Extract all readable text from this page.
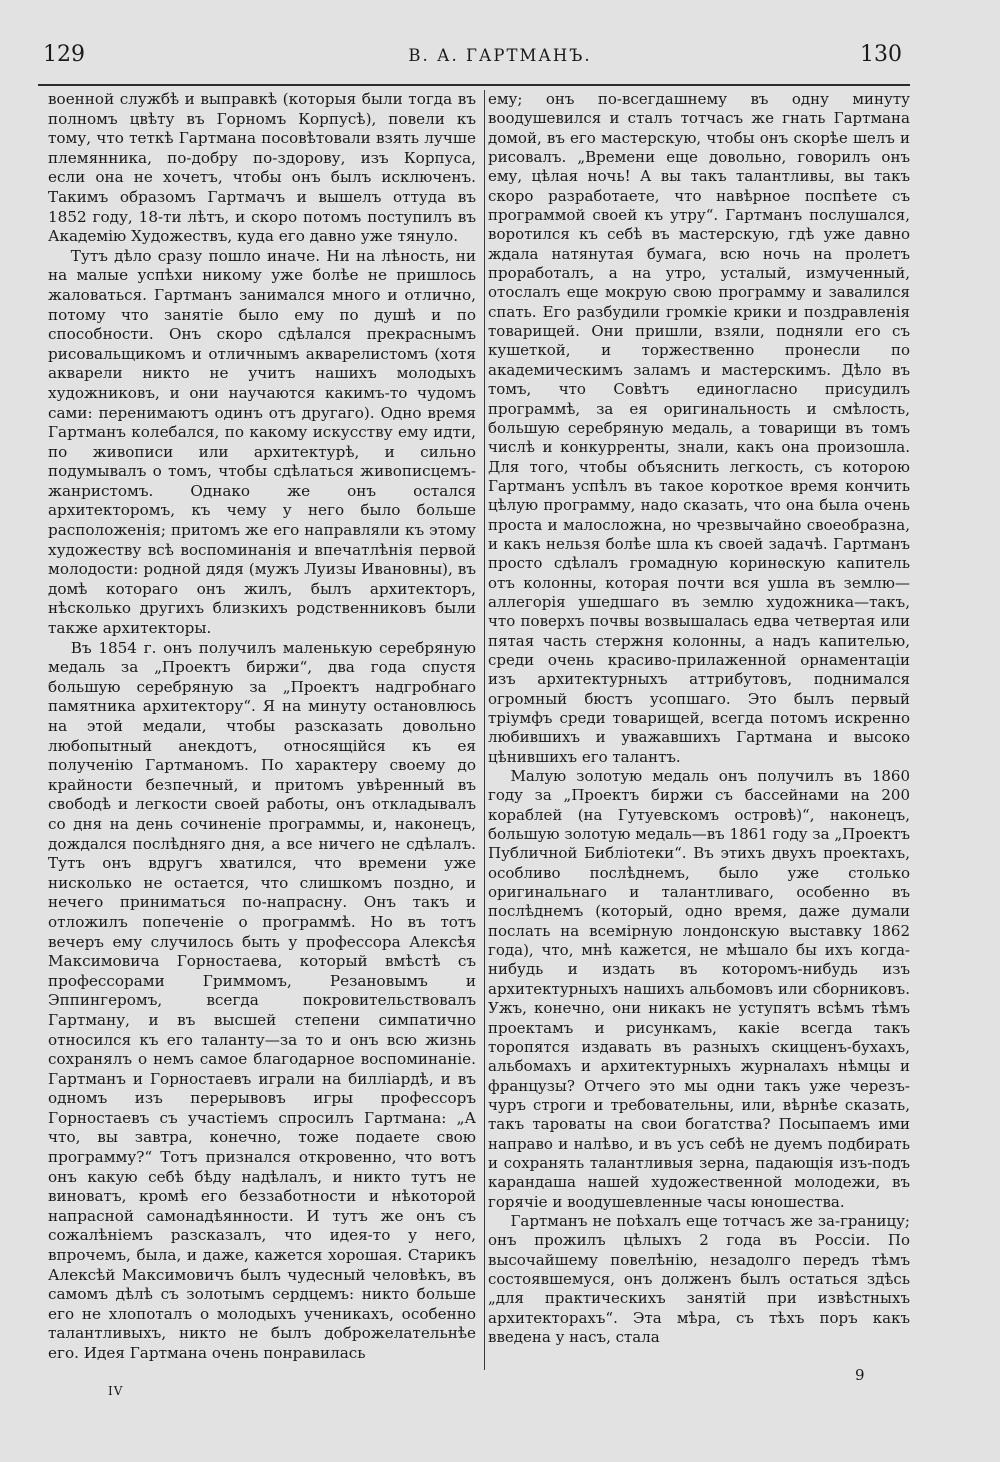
129	В. А. ГАРТМАНЪ.	130

военной службѣ и выправкѣ (которыя были тогда въ полномъ цвѣту въ Горномъ Корпусѣ), повели къ тому, что теткѣ Гартмана посовѣтовали взять лучше племянника, по-добру по-здорову, изъ Корпуса, если она не хочетъ, чтобы онъ былъ исключенъ. Такимъ образомъ Гартмачъ и вышелъ оттуда въ 1852 году, 18-ти лѣтъ, и скоро потомъ поступилъ въ Академію Художествъ, куда его давно уже тянуло.

Тутъ дѣло сразу пошло иначе. Ни на лѣность, ни на малые успѣхи никому уже болѣе не пришлось жаловаться. Гартманъ занимался много и отлично, потому что занятіе было ему по душѣ и по способности. Онъ скоро сдѣлался прекраснымъ рисовальщикомъ и отличнымъ акварелистомъ (хотя акварели никто не учитъ нашихъ молодыхъ художниковъ, и они научаются какимъ-то чудомъ сами: перенимаютъ одинъ отъ другаго). Одно время Гартманъ колебался, по какому искусству ему идти, по живописи или архитектурѣ, и сильно подумывалъ о томъ, чтобы сдѣлаться живописцемъ-жанристомъ. Однако же онъ остался архитекторомъ, къ чему у него было больше расположенія; притомъ же его направляли къ этому художеству всѣ воспоминанія и впечатлѣнія первой молодости: родной дядя (мужъ Луизы Ивановны), въ домѣ котораго онъ жилъ, былъ архитекторъ, нѣсколько другихъ близкихъ родственниковъ были также архитекторы.

Въ 1854 г. онъ получилъ маленькую серебряную медаль за „Проектъ биржи“, два года спустя большую серебряную за „Проектъ надгробнаго памятника архитектору“. Я на минуту остановлюсь на этой медали, чтобы разсказать довольно любопытный анекдотъ, относящійся къ ея полученію Гартманомъ. По характеру своему до крайности безпечный, и притомъ увѣренный въ свободѣ и легкости своей работы, онъ откладывалъ со дня на день сочиненіе программы, и, наконецъ, дождался послѣдняго дня, а все ничего не сдѣлалъ. Тутъ онъ вдругъ хватился, что времени уже нисколько не остается, что слишкомъ поздно, и нечего приниматься по-напрасну. Онъ такъ и отложилъ попеченіе о программѣ. Но въ тотъ вечеръ ему случилось быть у профессора Алексѣя Максимовича Горностаева, который вмѣстѣ съ профессорами Гриммомъ, Резановымъ и Эппингеромъ, всегда покровительствовалъ Гартману, и въ высшей степени симпатично относился къ его таланту—за то и онъ всю жизнь сохранялъ о немъ самое благодарное воспоминаніе. Гартманъ и Горностаевъ играли на билліардѣ, и въ одномъ изъ перерывовъ игры профессоръ Горностаевъ съ участіемъ спросилъ Гартмана: „А что, вы завтра, конечно, тоже подаете свою программу?“ Тотъ признался откровенно, что вотъ онъ какую себѣ бѣду надѣлалъ, и никто тутъ не виноватъ, кромѣ его беззаботности и нѣкоторой напрасной самонадѣянности. И тутъ же онъ съ сожалѣніемъ разсказалъ, что идея-то у него, впрочемъ, была, и даже, кажется хорошая. Старикъ Алексѣй Максимовичъ былъ чудесный человѣкъ, въ самомъ дѣлѣ съ золотымъ сердцемъ: никто больше его не хлопоталъ о молодыхъ ученикахъ, особенно талантливыхъ, никто не былъ доброжелательнѣе его. Идея Гартмана очень понравилась

ему; онъ по-всегдашнему въ одну минуту воодушевился и сталъ тотчасъ же гнать Гартмана домой, въ его мастерскую, чтобы онъ скорѣе шелъ и рисовалъ. „Времени еще довольно, говорилъ онъ ему, цѣлая ночь! А вы такъ талантливы, вы такъ скоро разработаете, что навѣрное поспѣете съ программой своей къ утру“. Гартманъ послушался, воротился къ себѣ въ мастерскую, гдѣ уже давно ждала натянутая бумага, всю ночь на пролетъ проработалъ, а на утро, усталый, измученный, отослалъ еще мокрую свою программу и завалился спать. Его разбудили громкіе крики и поздравленія товарищей. Они пришли, взяли, подняли его съ кушеткой, и торжественно пронесли по академическимъ заламъ и мастерскимъ. Дѣло въ томъ, что Совѣтъ единогласно присудилъ программѣ, за ея оригинальность и смѣлость, большую серебряную медаль, а товарищи въ томъ числѣ и конкурренты, знали, какъ она произошла. Для того, чтобы объяснить легкость, съ которою Гартманъ успѣлъ въ такое короткое время кончить цѣлую программу, надо сказать, что она была очень проста и малосложна, но чрезвычайно своеобразна, и какъ нельзя болѣе шла къ своей задачѣ. Гартманъ просто сдѣлалъ громадную коринѳскую капитель отъ колонны, которая почти вся ушла въ землю—аллегорія ушедшаго въ землю художника—такъ, что поверхъ почвы возвышалась едва четвертая или пятая часть стержня колонны, а надъ капителью, среди очень красиво-прилаженной орнаментаціи изъ архитектурныхъ аттрибутовъ, поднимался огромный бюстъ усопшаго. Это былъ первый тріумфъ среди товарищей, всегда потомъ искренно любившихъ и уважавшихъ Гартмана и высоко цѣнившихъ его талантъ.

Малую золотую медаль онъ получилъ въ 1860 году за „Проектъ биржи съ бассейнами на 200 кораблей (на Гутуевскомъ островѣ)“, наконецъ, большую золотую медаль—въ 1861 году за „Проектъ Публичной Библіотеки“. Въ этихъ двухъ проектахъ, особливо послѣднемъ, было уже столько оригинальнаго и талантливаго, особенно въ послѣднемъ (который, одно время, даже думали послать на всемірную лондонскую выставку 1862 года), что, мнѣ кажется, не мѣшало бы ихъ когда-нибудь и издать въ которомъ-нибудь изъ архитектурныхъ нашихъ альбомовъ или сборниковъ. Ужъ, конечно, они никакъ не уступятъ всѣмъ тѣмъ проектамъ и рисункамъ, какіе всегда такъ торопятся издавать въ разныхъ скицценъ-бухахъ, альбомахъ и архитектурныхъ журналахъ нѣмцы и французы? Отчего это мы одни такъ уже черезъ-чуръ строги и требовательны, или, вѣрнѣе сказать, такъ тароваты на свои богатства? Посыпаемъ ими направо и налѣво, и въ усъ себѣ не дуемъ подбирать и сохранять талантливыя зерна, падающія изъ-подъ карандаша нашей художественной молодежи, въ горячіе и воодушевленные часы юношества.

Гартманъ не поѣхалъ еще тотчасъ же за-границу; онъ прожилъ цѣлыхъ 2 года въ Россіи. По высочайшему повелѣнію, незадолго передъ тѣмъ состоявшемуся, онъ долженъ былъ остаться здѣсь „для практическихъ занятій при извѣстныхъ архитекторахъ“. Эта мѣра, съ тѣхъ поръ какъ введена у насъ, стала

IV
9
